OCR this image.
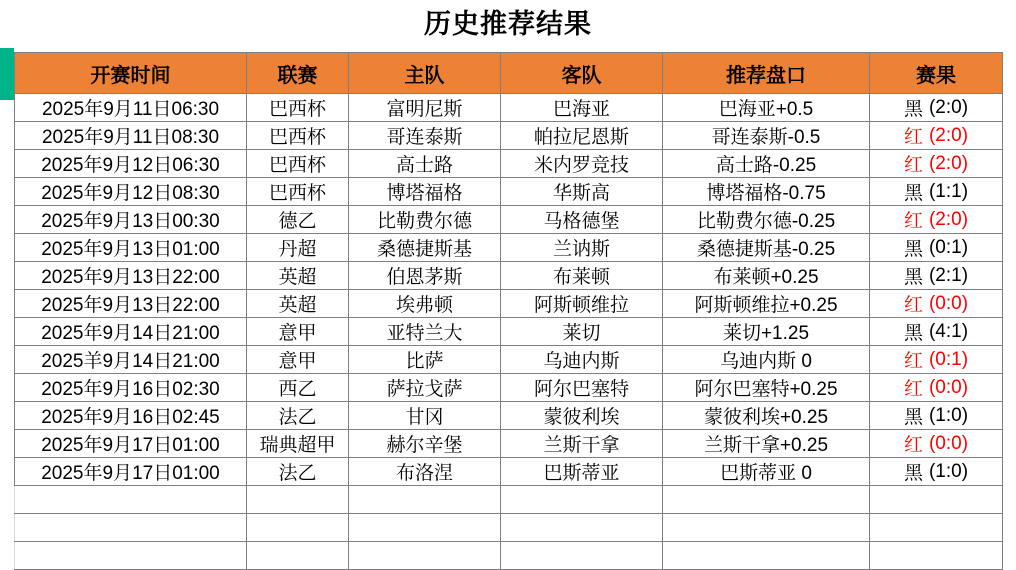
历史推荐结果
开赛时间	联赛	主队	客队	推荐盘口	赛果
2025年9月11日06:30	巴西杯	富明尼斯	巴海亚	巴海亚+0.5	黑 (2:0)

2025年9月11日08:30	巴西杯	哥连泰斯	帕拉尼恩斯	哥连泰斯-0.5	红 (2:0)

2025年9月12日06:30	巴西杯	高士路	米内罗竞技	高士路-0.25	红 (2:0)

2025年9月12日08:30	巴西杯	博塔福格	华斯高	博塔福格-0.75	黑 (1:1)

2025年9月13日00:30	德乙	比勒费尔德	马格德堡	比勒费尔德-0.25	红 (2:0)

2025年9月13日01:00	丹超	桑德捷斯基	兰讷斯	桑德捷斯基-0.25	黑 (0:1)

2025年9月13日22:00	英超	伯恩茅斯	布莱顿	布莱顿+0.25	黑 (2:1)

2025年9月13日22:00	英超	埃弗顿	阿斯顿维拉	阿斯顿维拉+0.25	红 (0:0)

2025年9月14日21:00	意甲	亚特兰大	莱切	莱切+1.25	黑 (4:1)

2025羊9月14日21:00	意甲	比萨	乌迪内斯	乌迪内斯 0	红 (0:1)

2025年9月16日02:30	西乙	萨拉戈萨	阿尔巴塞特	阿尔巴塞特+0.25	红 (0:0)

2025年9月16日02:45	法乙	甘冈	蒙彼利埃	蒙彼利埃+0.25	黑 (1:0)

2025年9月17日01:00	瑞典超甲	赫尔辛堡	兰斯干拿	兰斯干拿+0.25	红 (0:0)

2025年9月17日01:00	法乙	布洛涅	巴斯蒂亚	巴斯蒂亚 0	黑 (1:0)
